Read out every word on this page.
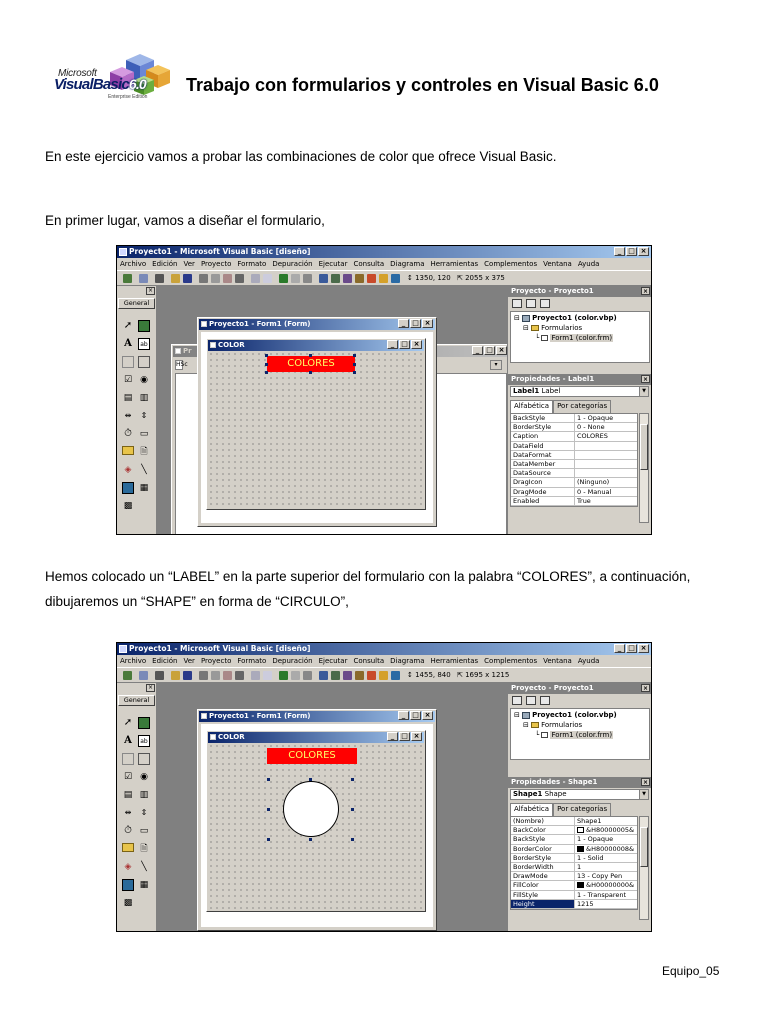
Microsoft
VisualBasic6.0
Enterprise Edition
Trabajo con formularios y controles en Visual Basic 6.0

En este ejercicio vamos a probar las combinaciones de color que ofrece Visual Basic.

En primer lugar, vamos a diseñar el formulario,

Proyecto1 - Microsoft Visual Basic [diseño]	_ □ ×
Archivo Edición Ver Proyecto Formato Depuración Ejecutar Consulta Diagrama Herramientas Complementos Ventana Ayuda
↕ 1350, 120 ⇱ 2055 x 375
×
General
➚
A	ab
☑ ◉
▤ ▥
⇹	⇕
⏱ ▭
🗎
◈	╲
▦
▩
Pr	_ □ ×
HSc	▾
Proyecto1 - Form1 (Form)	_ □ ×
COLOR	_ □ ×
COLORES
Proyecto - Proyecto1	×
⊟ Proyecto1 (color.vbp)
⊟ Formularios
└ Form1 (color.frm)
Propiedades - Label1	×
Label1 Label	▼
Alfabética	Por categorías
BackStyle	1 - Opaque
BorderStyle	0 - None
Caption	COLORES
DataField
DataFormat
DataMember
DataSource
DragIcon	(Ninguno)
DragMode	0 - Manual
Enabled	True

Hemos colocado un “LABEL” en la parte superior del formulario con la palabra “COLORES”, a continuación, dibujaremos un “SHAPE” en forma de “CIRCULO”,

Proyecto1 - Microsoft Visual Basic [diseño]	_ □ ×
Archivo Edición Ver Proyecto Formato Depuración Ejecutar Consulta Diagrama Herramientas Complementos Ventana Ayuda
↕ 1455, 840 ⇱ 1695 x 1215
×
General
➚
A	ab
☑ ◉
▤ ▥
⇹	⇕
⏱ ▭
🗎
◈	╲
▦
▩
Proyecto1 - Form1 (Form)	_ □ ×
COLOR	_ □ ×
COLORES
Proyecto - Proyecto1	×
⊟ Proyecto1 (color.vbp)
⊟ Formularios
└ Form1 (color.frm)
Propiedades - Shape1	×
Shape1 Shape	▼
Alfabética	Por categorías
(Nombre)	Shape1
BackColor	&H80000005&
BackStyle	1 - Opaque
BorderColor	&H80000008&
BorderStyle	1 - Solid
BorderWidth	1
DrawMode	13 - Copy Pen
FillColor	&H00000000&
FillStyle	1 - Transparent
Height	1215
Equipo_05
